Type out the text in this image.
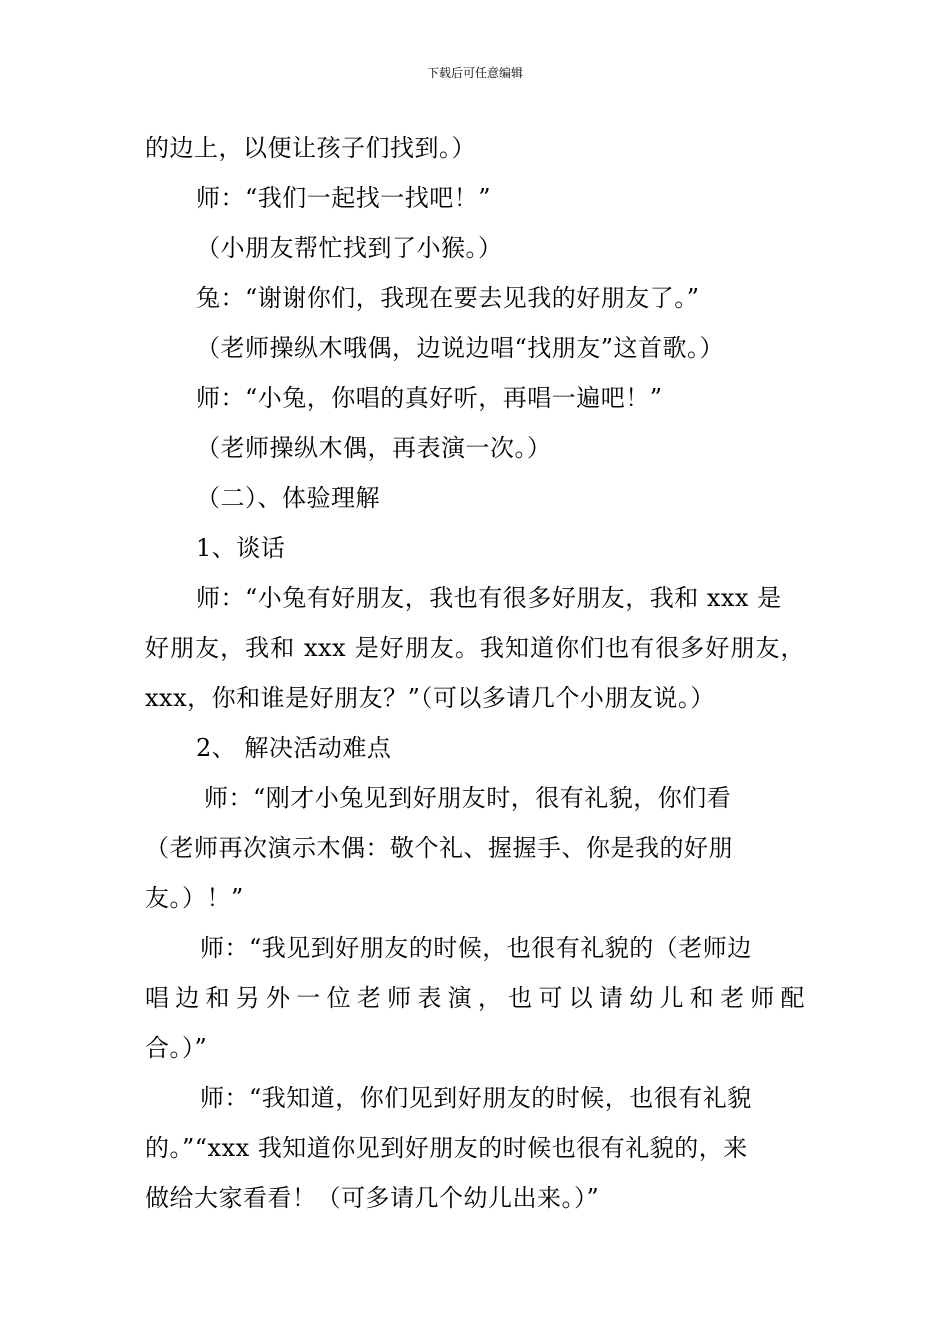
下载后可任意编辑
的边上，以便让孩子们找到。）
师：“我们一起找一找吧！”
（小朋友帮忙找到了小猴。）
兔：“谢谢你们，我现在要去见我的好朋友了。”
（老师操纵木哦偶，边说边唱“找朋友”这首歌。）
师：“小兔，你唱的真好听，再唱一遍吧！”
（老师操纵木偶，再表演一次。）
（二）、体验理解
1、谈话
师：“小兔有好朋友，我也有很多好朋友，我和 xxx 是
好朋友，我和 xxx 是好朋友。我知道你们也有很多好朋友，
xxx，你和谁是好朋友？”（可以多请几个小朋友说。）
2、 解决活动难点
师：“刚才小兔见到好朋友时，很有礼貌，你们看
（老师再次演示木偶：敬个礼、握握手、你是我的好朋
友。）！”
师：“我见到好朋友的时候，也很有礼貌的（老师边
唱边和另外一位老师表演，也可以请幼儿和老师配
合。）”
师：“我知道，你们见到好朋友的时候，也很有礼貌
的。”“xxx 我知道你见到好朋友的时候也很有礼貌的，来
做给大家看看！（可多请几个幼儿出来。）”
